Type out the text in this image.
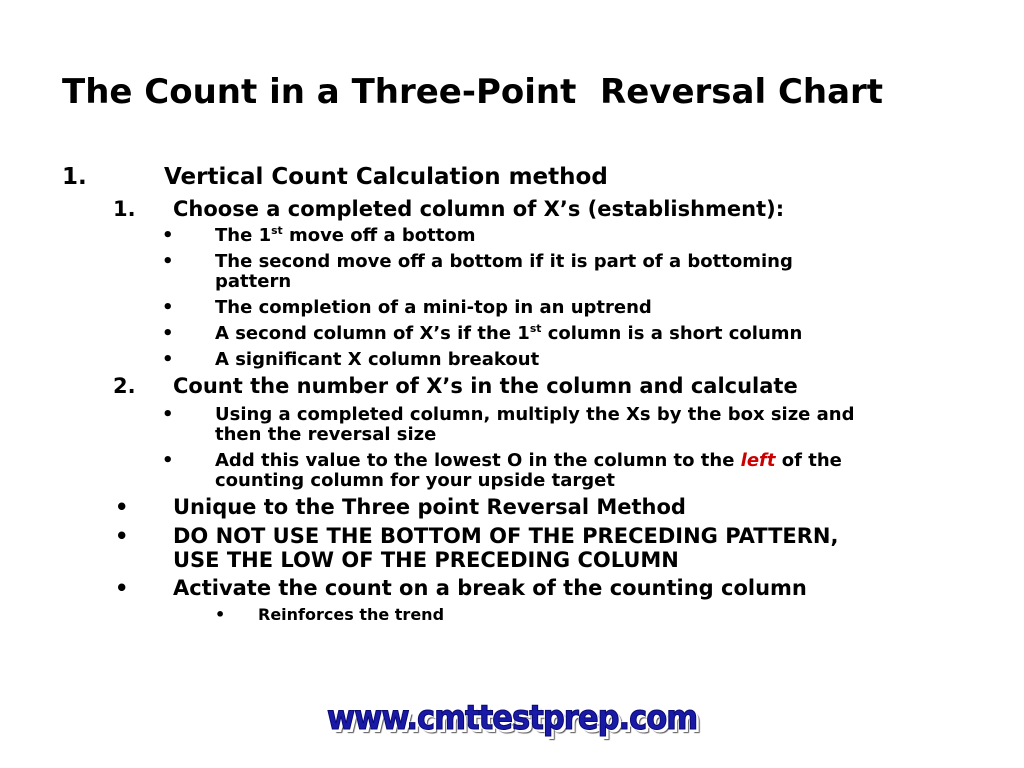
The Count in a Three-Point  Reversal Chart
1.	Vertical Count Calculation method
1. Choose a completed column of X’s (establishment):
• The 1st move off a bottom
• The second move off a bottom if it is part of a bottoming
pattern
• The completion of a mini-top in an uptrend
• A second column of X’s if the 1st column is a short column
• A significant X column breakout
2. Count the number of X’s in the column and calculate
• Using a completed column, multiply the Xs by the box size and
then the reversal size
• Add this value to the lowest O in the column to the left of the
counting column for your upside target
• Unique to the Three point Reversal Method
• DO NOT USE THE BOTTOM OF THE PRECEDING PATTERN,
USE THE LOW OF THE PRECEDING COLUMN
• Activate the count on a break of the counting column
• Reinforces the trend
www.cmttestprep.com
